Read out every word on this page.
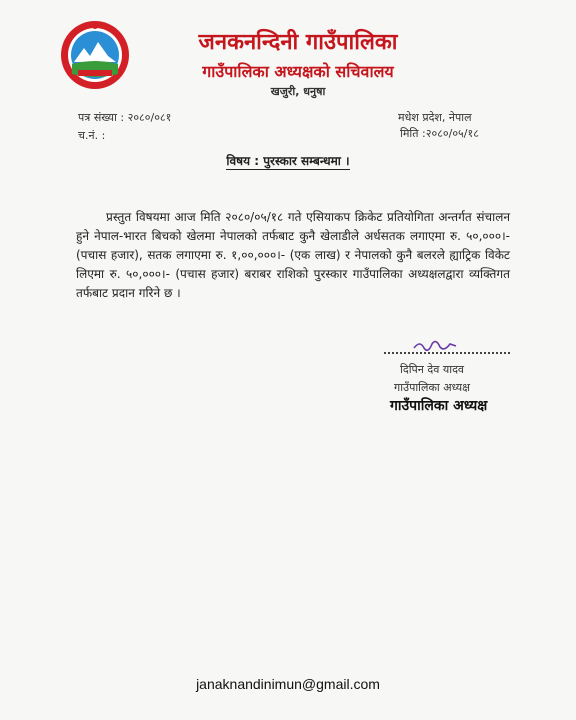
जनकनन्दिनी गाउँपालिका
गाउँपालिका अध्यक्षको सचिवालय
खजुरी, धनुषा
पत्र संख्या : २०८०/०८१
च.नं. :
मधेश प्रदेश, नेपाल
मिति :२०८०/०५/१८
विषय : पुरस्कार सम्बन्धमा ।
प्रस्तुत विषयमा आज मिति २०८०/०५/१८ गते एसियाकप क्रिकेट प्रतियोगिता अन्तर्गत संचालन हुने नेपाल-भारत बिचको खेलमा नेपालको तर्फबाट कुनै खेलाडीले अर्धसतक लगाएमा रु. ५०,०००।- (पचास हजार), सतक लगाएमा रु. १,००,०००।- (एक लाख) र नेपालको कुनै बलरले ह्याट्रिक विकेट लिएमा रु. ५०,०००।- (पचास हजार) बराबर राशिको पुरस्कार गाउँपालिका अध्यक्षलद्वारा व्यक्तिगत तर्फबाट प्रदान गरिने छ ।
दिपिन देव यादव
गाउँपालिका अध्यक्ष
गाउँपालिका अध्यक्ष
janaknandinimun@gmail.com
